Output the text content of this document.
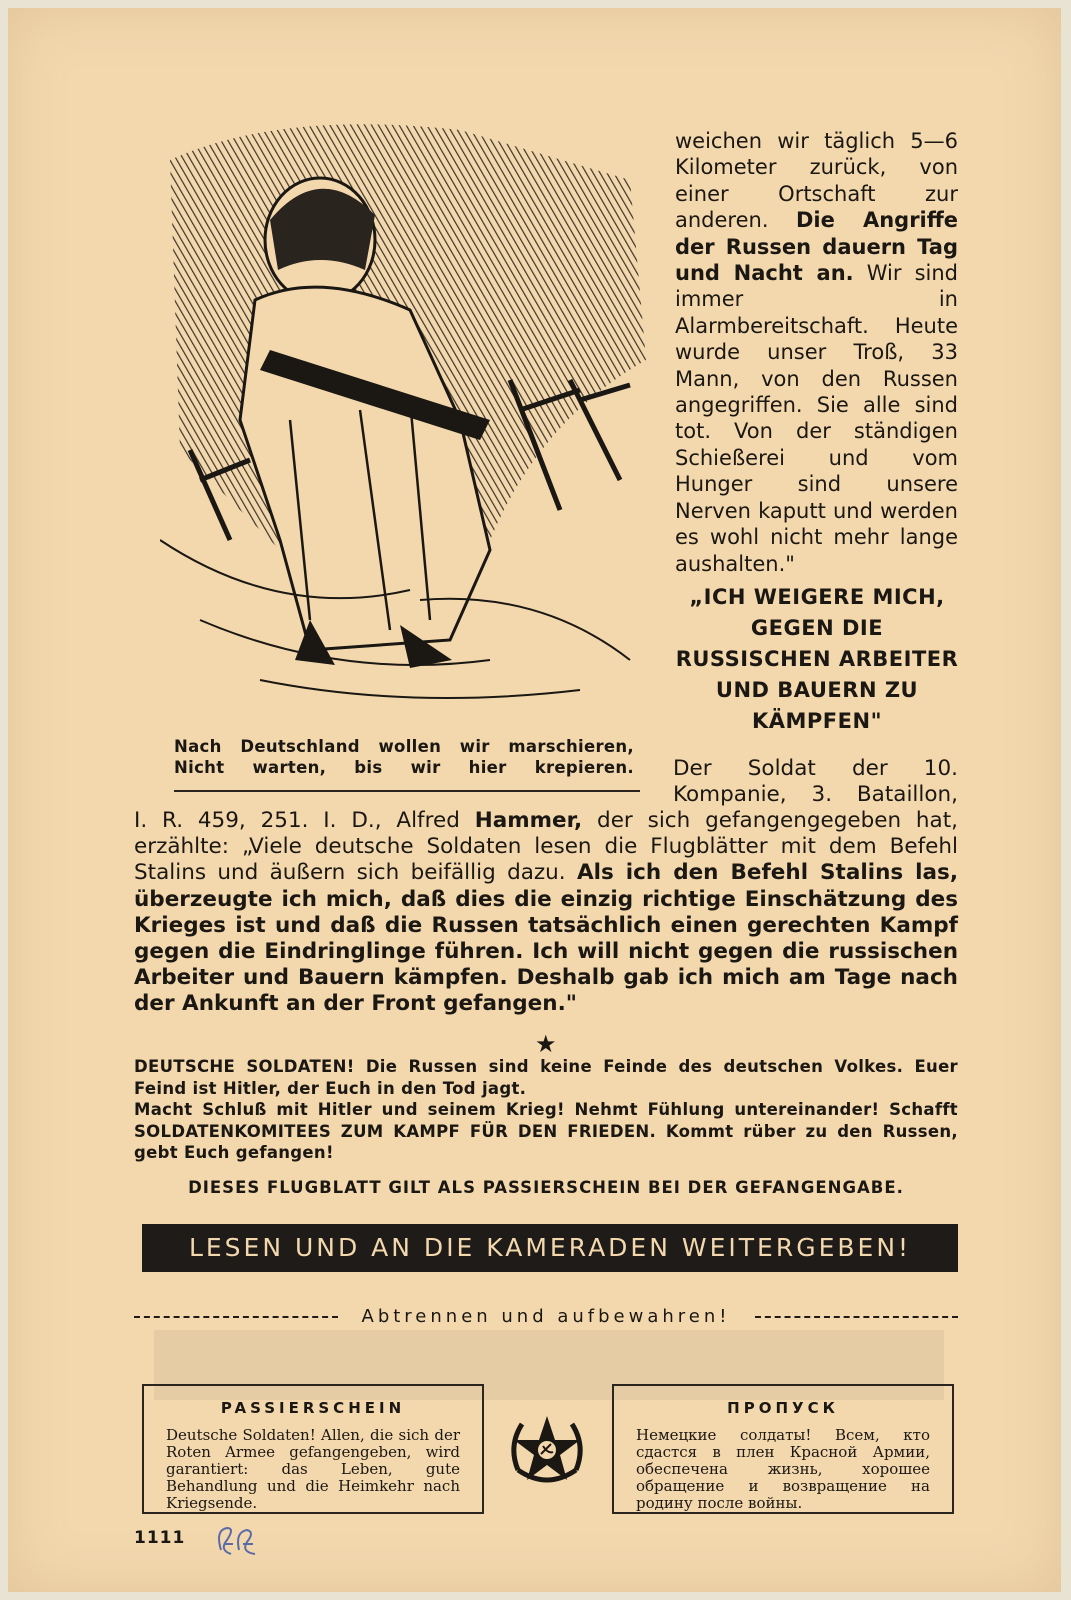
Nach Deutschland wollen wir marschieren,
Nicht warten, bis wir hier krepieren.
weichen wir täglich 5—6 Kilometer zurück, von einer Ortschaft zur anderen. Die Angriffe der Russen dauern Tag und Nacht an. Wir sind immer in Alarmbereitschaft. Heute wurde unser Troß, 33 Mann, von den Russen angegriffen. Sie alle sind tot. Von der ständigen Schießerei und vom Hunger sind unsere Nerven kaputt und werden es wohl nicht mehr lange aushalten."
„ICH WEIGERE MICH, GEGEN DIE RUSSISCHEN ARBEITER UND BAUERN ZU KÄMPFEN"
Der Soldat der 10.
Kompanie, 3. Bataillon,
I. R. 459, 251. I. D., Alfred Hammer, der sich gefangengegeben hat, erzählte: „Viele deutsche Soldaten lesen die Flugblätter mit dem Befehl Stalins und äußern sich beifällig dazu. Als ich den Befehl Stalins las, überzeugte ich mich, daß dies die einzig richtige Einschätzung des Krieges ist und daß die Russen tatsächlich einen gerechten Kampf gegen die Eindringlinge führen. Ich will nicht gegen die russischen Arbeiter und Bauern kämpfen. Deshalb gab ich mich am Tage nach der Ankunft an der Front gefangen."
★

DEUTSCHE SOLDATEN! Die Russen sind keine Feinde des deutschen Volkes. Euer Feind ist Hitler, der Euch in den Tod jagt.

Macht Schluß mit Hitler und seinem Krieg! Nehmt Fühlung untereinander! Schafft SOLDATENKOMITEES ZUM KAMPF FÜR DEN FRIEDEN. Kommt rüber zu den Russen, gebt Euch gefangen!

DIESES FLUGBLATT GILT ALS PASSIERSCHEIN BEI DER GEFANGENGABE.
LESEN UND AN DIE KAMERADEN WEITERGEBEN!
Abtrennen und aufbewahren!
PASSIERSCHEIN
Deutsche Soldaten! Allen, die sich der Roten Armee gefangengeben, wird garantiert: das Leben, gute Behandlung und die Heimkehr nach Kriegsende.
ПРОПУСК
Немецкие солдаты! Всем, кто сдастся в плен Красной Армии, обеспечена жизнь, хорошее обращение и возвращение на родину после войны.
1111
